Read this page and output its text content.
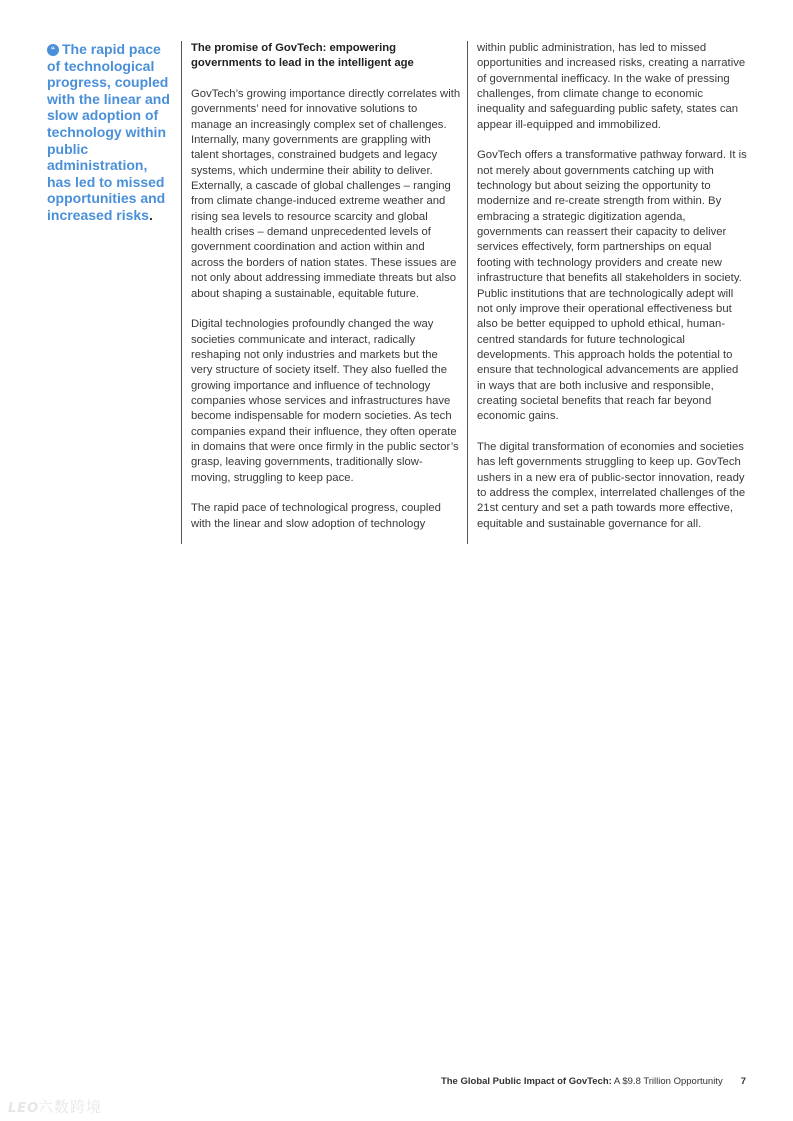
“ The rapid pace of technological progress, coupled with the linear and slow adoption of technology within public administration, has led to missed opportunities and increased risks.

The promise of GovTech: empowering governments to lead in the intelligent age

GovTech’s growing importance directly correlates with governments’ need for innovative solutions to manage an increasingly complex set of challenges. Internally, many governments are grappling with talent shortages, constrained budgets and legacy systems, which undermine their ability to deliver. Externally, a cascade of global challenges – ranging from climate change-induced extreme weather and rising sea levels to resource scarcity and global health crises – demand unprecedented levels of government coordination and action within and across the borders of nation states. These issues are not only about addressing immediate threats but also about shaping a sustainable, equitable future.

Digital technologies profoundly changed the way societies communicate and interact, radically reshaping not only industries and markets but the very structure of society itself. They also fuelled the growing importance and influence of technology companies whose services and infrastructures have become indispensable for modern societies. As tech companies expand their influence, they often operate in domains that were once firmly in the public sector’s grasp, leaving governments, traditionally slow-moving, struggling to keep pace.

The rapid pace of technological progress, coupled with the linear and slow adoption of technology

within public administration, has led to missed opportunities and increased risks, creating a narrative of governmental inefficacy. In the wake of pressing challenges, from climate change to economic inequality and safeguarding public safety, states can appear ill-equipped and immobilized.

GovTech offers a transformative pathway forward. It is not merely about governments catching up with technology but about seizing the opportunity to modernize and re-create strength from within. By embracing a strategic digitization agenda, governments can reassert their capacity to deliver services effectively, form partnerships on equal footing with technology providers and create new infrastructure that benefits all stakeholders in society. Public institutions that are technologically adept will not only improve their operational effectiveness but also be better equipped to uphold ethical, human-centred standards for future technological developments. This approach holds the potential to ensure that technological advancements are applied in ways that are both inclusive and responsible, creating societal benefits that reach far beyond economic gains.

The digital transformation of economies and societies has left governments struggling to keep up. GovTech ushers in a new era of public-sector innovation, ready to address the complex, interrelated challenges of the 21st century and set a path towards more effective, equitable and sustainable governance for all.

The Global Public Impact of GovTech: A $9.8 Trillion Opportunity 7
LEO六数跨境
